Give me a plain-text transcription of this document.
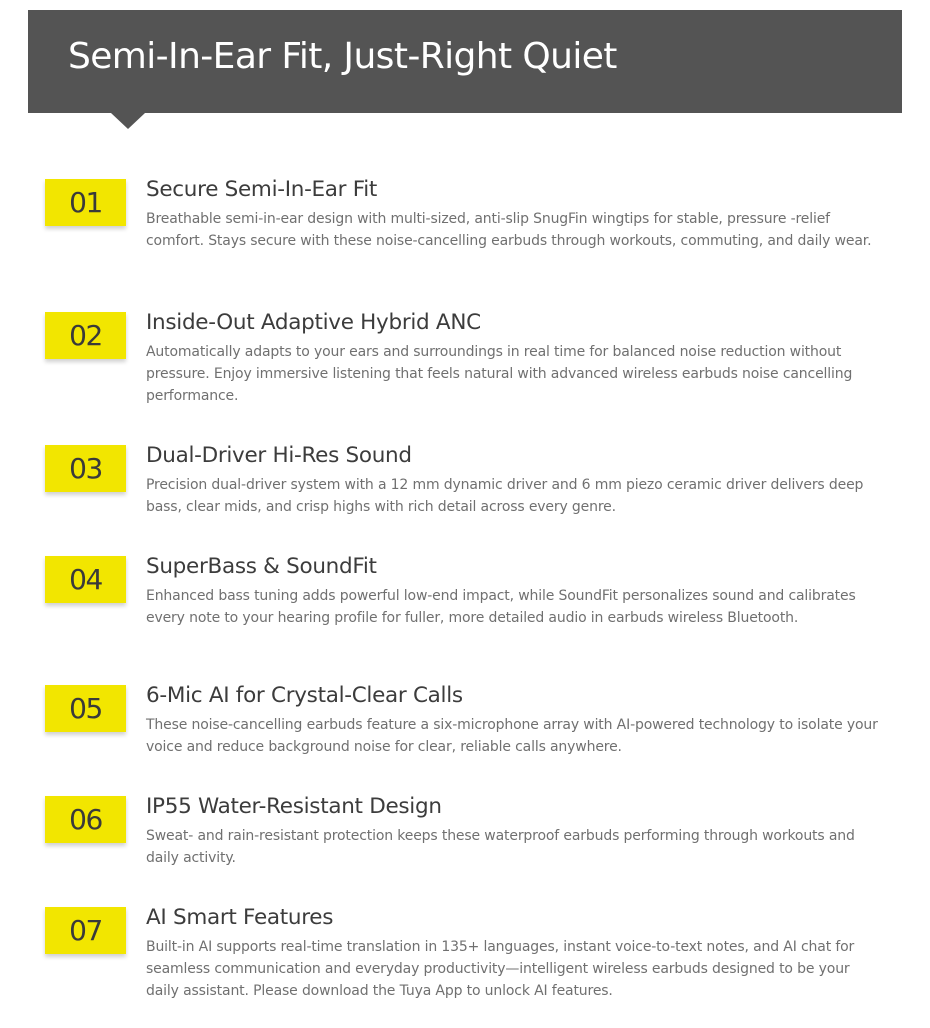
Semi-In-Ear Fit, Just-Right Quiet
01	Secure Semi-In-Ear Fit

Breathable semi-in-ear design with multi-sized, anti-slip SnugFin wingtips for stable, pressure -relief comfort. Stays secure with these noise-cancelling earbuds through workouts, commuting, and daily wear.

02	Inside-Out Adaptive Hybrid ANC

Automatically adapts to your ears and surroundings in real time for balanced noise reduction without pressure. Enjoy immersive listening that feels natural with advanced wireless earbuds noise cancelling performance.

03	Dual-Driver Hi-Res Sound

Precision dual-driver system with a 12 mm dynamic driver and 6 mm piezo ceramic driver delivers deep bass, clear mids, and crisp highs with rich detail across every genre.

04	SuperBass & SoundFit

Enhanced bass tuning adds powerful low-end impact, while SoundFit personalizes sound and calibrates every note to your hearing profile for fuller, more detailed audio in earbuds wireless Bluetooth.

05	6-Mic AI for Crystal-Clear Calls

These noise-cancelling earbuds feature a six-microphone array with AI-powered technology to isolate your voice and reduce background noise for clear, reliable calls anywhere.

06	IP55 Water-Resistant Design

Sweat- and rain-resistant protection keeps these waterproof earbuds performing through workouts and daily activity.

07	AI Smart Features

Built-in AI supports real-time translation in 135+ languages, instant voice-to-text notes, and AI chat for seamless communication and everyday productivity—intelligent wireless earbuds designed to be your daily assistant. Please download the Tuya App to unlock AI features.
